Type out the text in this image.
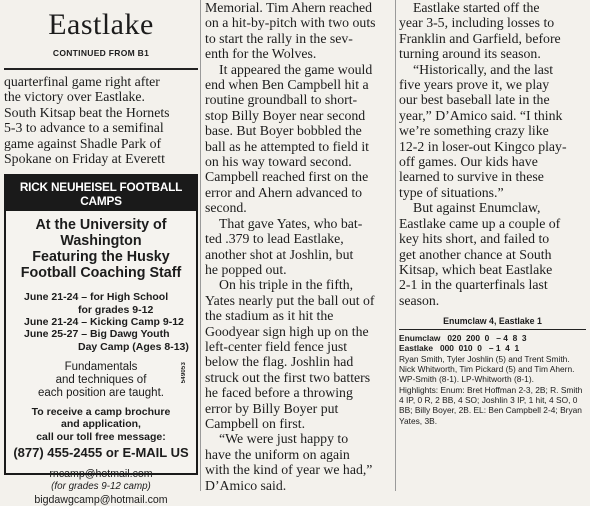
Eastlake
CONTINUED FROM B1
quarterfinal game right after
the victory over Eastlake.
South Kitsap beat the Hornets
5-3 to advance to a semifinal
game against Shadle Park of
Spokane on Friday at Everett
RICK NEUHEISEL FOOTBALL CAMPS
At the University of
Washington
Featuring the Husky
Football Coaching Staff
June 21-24 – for High School
for grades 9-12
June 21-24 – Kicking Camp 9-12
June 25-27 – Big Dawg Youth
Day Camp (Ages 8-13)
Fundamentals
and techniques of
each position are taught.
To receive a camp brochure
and application,
call our toll free message:
(877) 455-2455 or E-MAIL US
rncamp@hotmail.com
(for grades 9-12 camp)
bigdawgcamp@hotmail.com
549053
Memorial. Tim Ahern reached
on a hit-by-pitch with two outs
to start the rally in the sev-
enth for the Wolves.
It appeared the game would
end when Ben Campbell hit a
routine groundball to short-
stop Billy Boyer near second
base. But Boyer bobbled the
ball as he attempted to field it
on his way toward second.
Campbell reached first on the
error and Ahern advanced to
second.
That gave Yates, who bat-
ted .379 to lead Eastlake,
another shot at Joshlin, but
he popped out.
On his triple in the fifth,
Yates nearly put the ball out of
the stadium as it hit the
Goodyear sign high up on the
left-center field fence just
below the flag. Joshlin had
struck out the first two batters
he faced before a throwing
error by Billy Boyer put
Campbell on first.
“We were just happy to
have the uniform on again
with the kind of year we had,”
D’Amico said.
Eastlake started off the
year 3-5, including losses to
Franklin and Garfield, before
turning around its season.
“Historically, and the last
five years prove it, we play
our best baseball late in the
year,” D’Amico said. “I think
we’re something crazy like
12-2 in loser-out Kingco play-
off games. Our kids have
learned to survive in these
type of situations.”
But against Enumclaw,
Eastlake came up a couple of
key hits short, and failed to
get another chance at South
Kitsap, which beat Eastlake
2-1 in the quarterfinals last
season.
Enumclaw 4, Eastlake 1
Enumclaw   020  200  0   – 4  8  3
Eastlake   000  010  0   – 1  4  1

Ryan Smith, Tyler Joshlin (5) and Trent Smith.

Nick Whitworth, Tim Pickard (5) and Tim Ahern.

WP-Smith (8-1). LP-Whitworth (8-1).

Highlights: Enum: Bret Hoffman 2-3, 2B; R. Smith 4 IP, 0 R, 2 BB, 4 SO; Joshlin 3 IP, 1 hit, 4 SO, 0 BB; Billy Boyer, 2B. EL: Ben Campbell 2-4; Bryan Yates, 3B.
